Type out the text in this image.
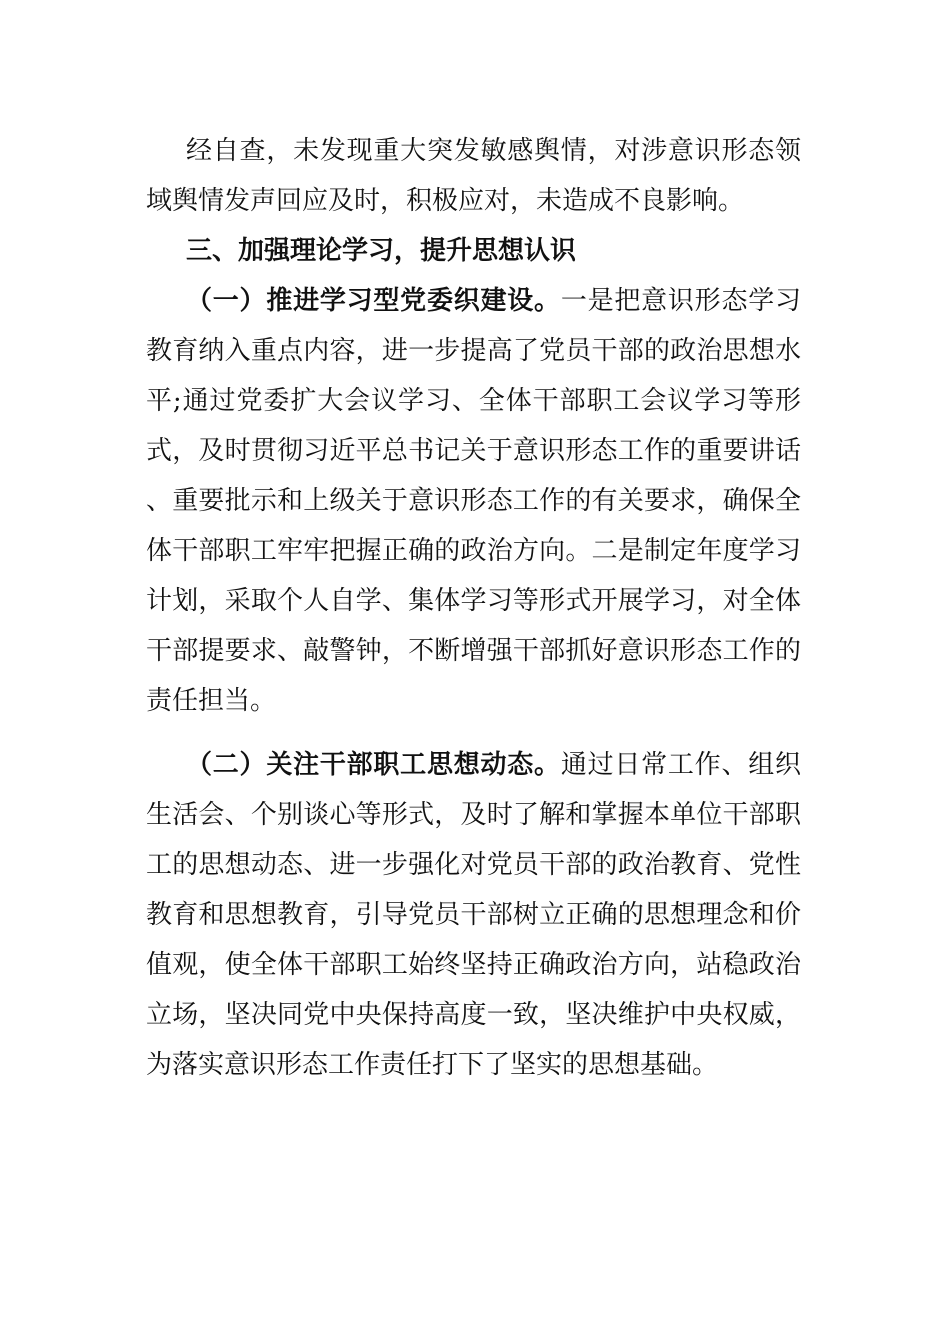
经自查，未发现重大突发敏感舆情，对涉意识形态领域舆情发声回应及时，积极应对，未造成不良影响。

三、加强理论学习，提升思想认识

（一）推进学习型党委织建设。一是把意识形态学习教育纳入重点内容，进一步提高了党员干部的政治思想水平;通过党委扩大会议学习、全体干部职工会议学习等形式，及时贯彻习近平总书记关于意识形态工作的重要讲话、重要批示和上级关于意识形态工作的有关要求，确保全体干部职工牢牢把握正确的政治方向。二是制定年度学习计划，采取个人自学、集体学习等形式开展学习，对全体干部提要求、敲警钟，不断增强干部抓好意识形态工作的责任担当。

（二）关注干部职工思想动态。通过日常工作、组织生活会、个别谈心等形式，及时了解和掌握本单位干部职工的思想动态、进一步强化对党员干部的政治教育、党性教育和思想教育，引导党员干部树立正确的思想理念和价值观，使全体干部职工始终坚持正确政治方向，站稳政治立场，坚决同党中央保持高度一致，坚决维护中央权威，为落实意识形态工作责任打下了坚实的思想基础。
